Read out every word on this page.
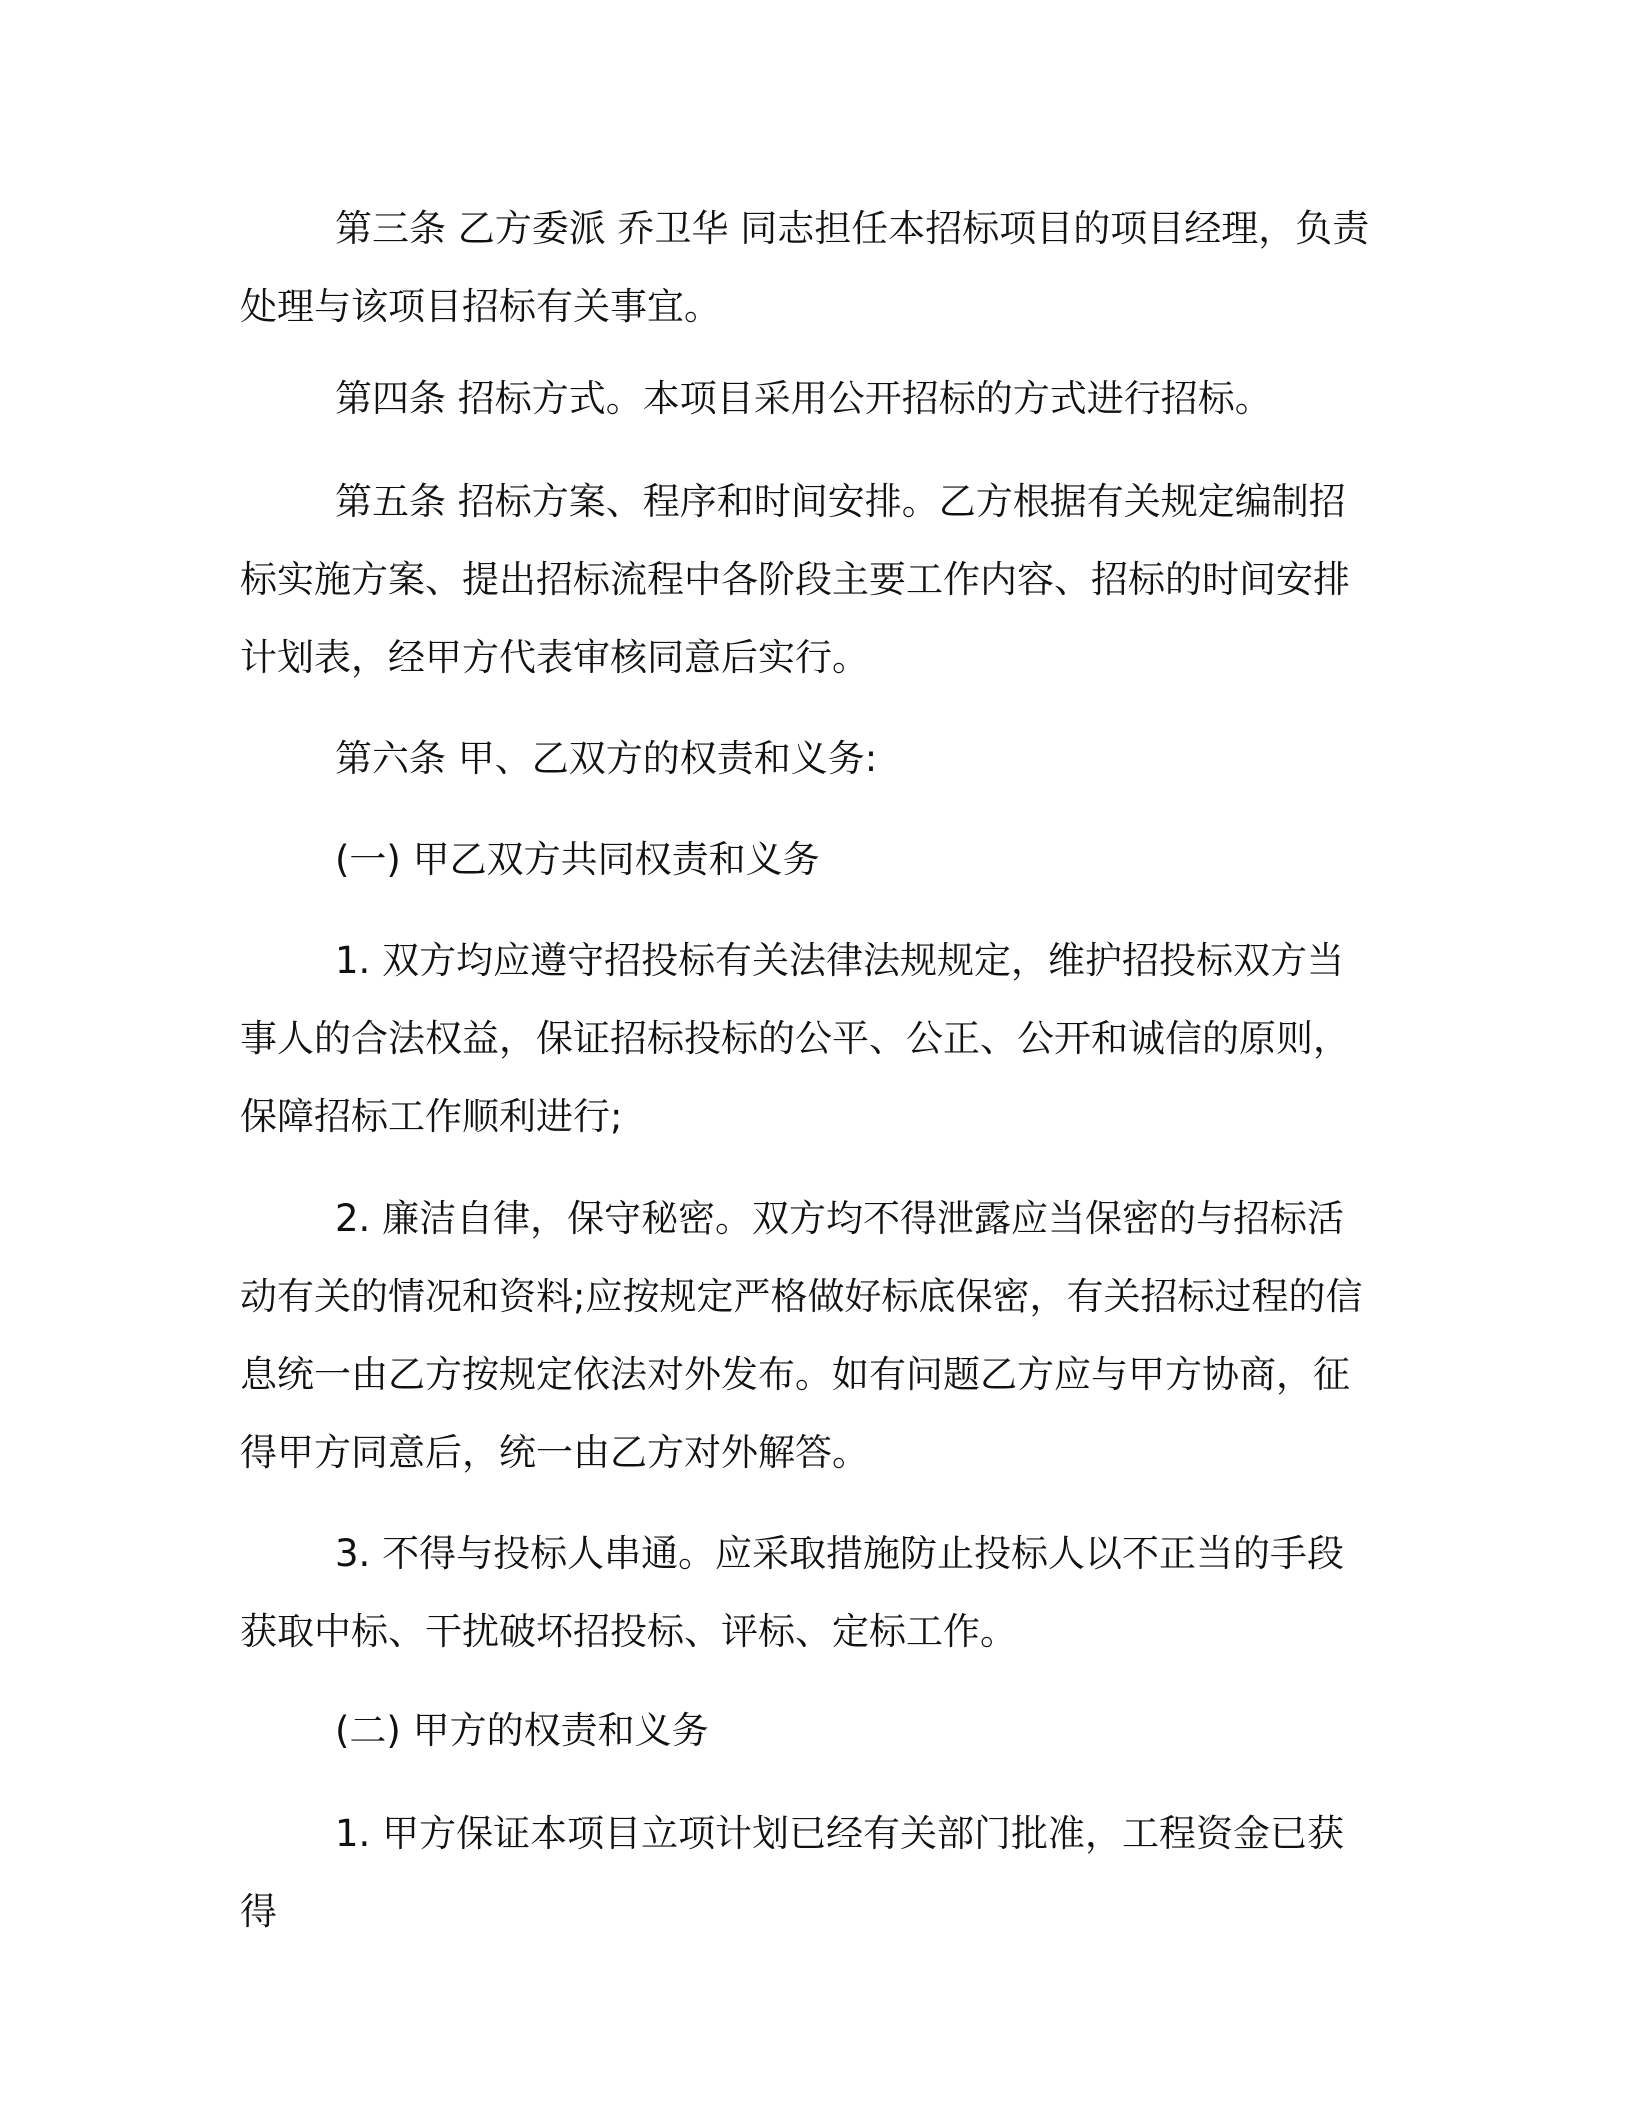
第三条 乙方委派 乔卫华 同志担任本招标项目的项目经理，负责处理与该项目招标有关事宜。

第四条 招标方式。本项目采用公开招标的方式进行招标。

第五条 招标方案、程序和时间安排。乙方根据有关规定编制招标实施方案、提出招标流程中各阶段主要工作内容、招标的时间安排计划表，经甲方代表审核同意后实行。

第六条 甲、乙双方的权责和义务:

(一) 甲乙双方共同权责和义务

1. 双方均应遵守招投标有关法律法规规定，维护招投标双方当事人的合法权益，保证招标投标的公平、公正、公开和诚信的原则，保障招标工作顺利进行;

2. 廉洁自律，保守秘密。双方均不得泄露应当保密的与招标活动有关的情况和资料;应按规定严格做好标底保密，有关招标过程的信息统一由乙方按规定依法对外发布。如有问题乙方应与甲方协商，征得甲方同意后，统一由乙方对外解答。

3. 不得与投标人串通。应采取措施防止投标人以不正当的手段获取中标、干扰破坏招投标、评标、定标工作。

(二) 甲方的权责和义务

1. 甲方保证本项目立项计划已经有关部门批准，工程资金已获得
